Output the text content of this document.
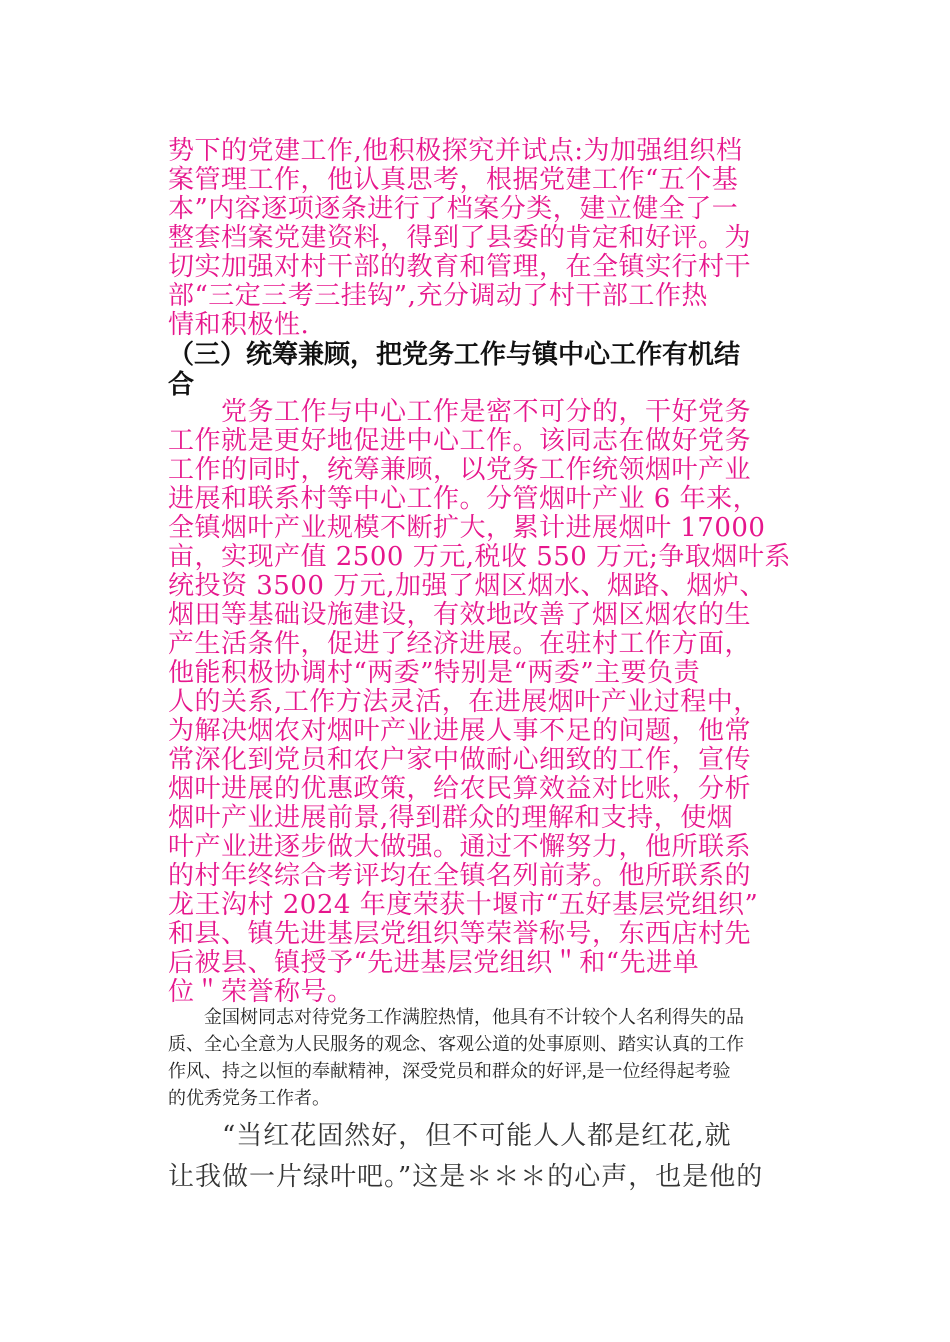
势下的党建工作,他积极探究并试点:为加强组织档
案管理工作，他认真思考，根据党建工作“五个基
本”内容逐项逐条进行了档案分类，建立健全了一
整套档案党建资料，得到了县委的肯定和好评。为
切实加强对村干部的教育和管理，在全镇实行村干
部“三定三考三挂钩”,充分调动了村干部工作热
情和积极性.
（三）统筹兼顾，把党务工作与镇中心工作有机结
合
　　党务工作与中心工作是密不可分的，干好党务
工作就是更好地促进中心工作。该同志在做好党务
工作的同时，统筹兼顾，以党务工作统领烟叶产业
进展和联系村等中心工作。分管烟叶产业 6 年来，
全镇烟叶产业规模不断扩大，累计进展烟叶 17000
亩，实现产值 2500 万元,税收 550 万元;争取烟叶系
统投资 3500 万元,加强了烟区烟水、烟路、烟炉、
烟田等基础设施建设，有效地改善了烟区烟农的生
产生活条件，促进了经济进展。在驻村工作方面，
他能积极协调村“两委”特别是“两委”主要负责
人的关系,工作方法灵活，在进展烟叶产业过程中，
为解决烟农对烟叶产业进展人事不足的问题，他常
常深化到党员和农户家中做耐心细致的工作，宣传
烟叶进展的优惠政策，给农民算效益对比账，分析
烟叶产业进展前景,得到群众的理解和支持，使烟
叶产业进逐步做大做强。通过不懈努力，他所联系
的村年终综合考评均在全镇名列前茅。他所联系的
龙王沟村 2024 年度荣获十堰市“五好基层党组织”
和县、镇先进基层党组织等荣誉称号，东西店村先
后被县、镇授予“先进基层党组织＂和“先进单
位＂荣誉称号。
　　金国树同志对待党务工作满腔热情，他具有不计较个人名利得失的品
质、全心全意为人民服务的观念、客观公道的处事原则、踏实认真的工作
作风、持之以恒的奉献精神，深受党员和群众的好评,是一位经得起考验
的优秀党务工作者。
　　“当红花固然好，但不可能人人都是红花,就
让我做一片绿叶吧。”这是＊＊＊的心声，也是他的
